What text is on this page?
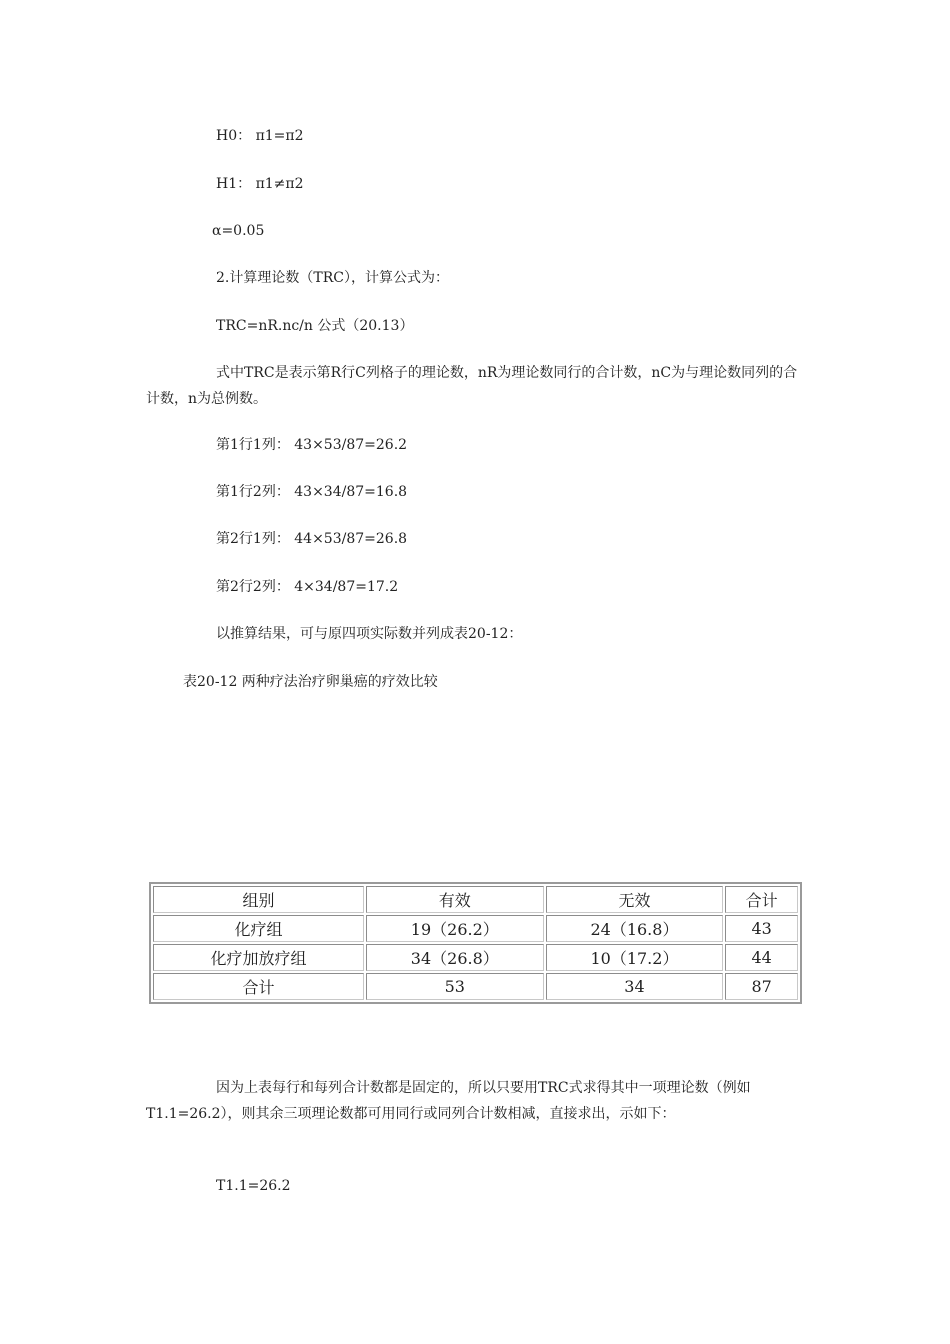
H0： π1=π2
H1： π1≠π2
α=0.05
2.计算理论数（TRC），计算公式为：
TRC=nR.nc/n 公式（20.13）
式中TRC是表示第R行C列格子的理论数，nR为理论数同行的合计数，nC为与理论数同列的合计数，n为总例数。
第1行1列： 43×53/87=26.2
第1行2列： 43×34/87=16.8
第2行1列： 44×53/87=26.8
第2行2列： 4×34/87=17.2
以推算结果，可与原四项实际数并列成表20-12：
表20-12 两种疗法治疗卵巢癌的疗效比较
组别	有效	无效	合计
化疗组	19（26.2）	24（16.8）	43
化疗加放疗组	34（26.8）	10（17.2）	44
合计	53	34	87
因为上表每行和每列合计数都是固定的，所以只要用TRC式求得其中一项理论数（例如T1.1=26.2），则其余三项理论数都可用同行或同列合计数相减，直接求出，示如下：
T1.1=26.2
